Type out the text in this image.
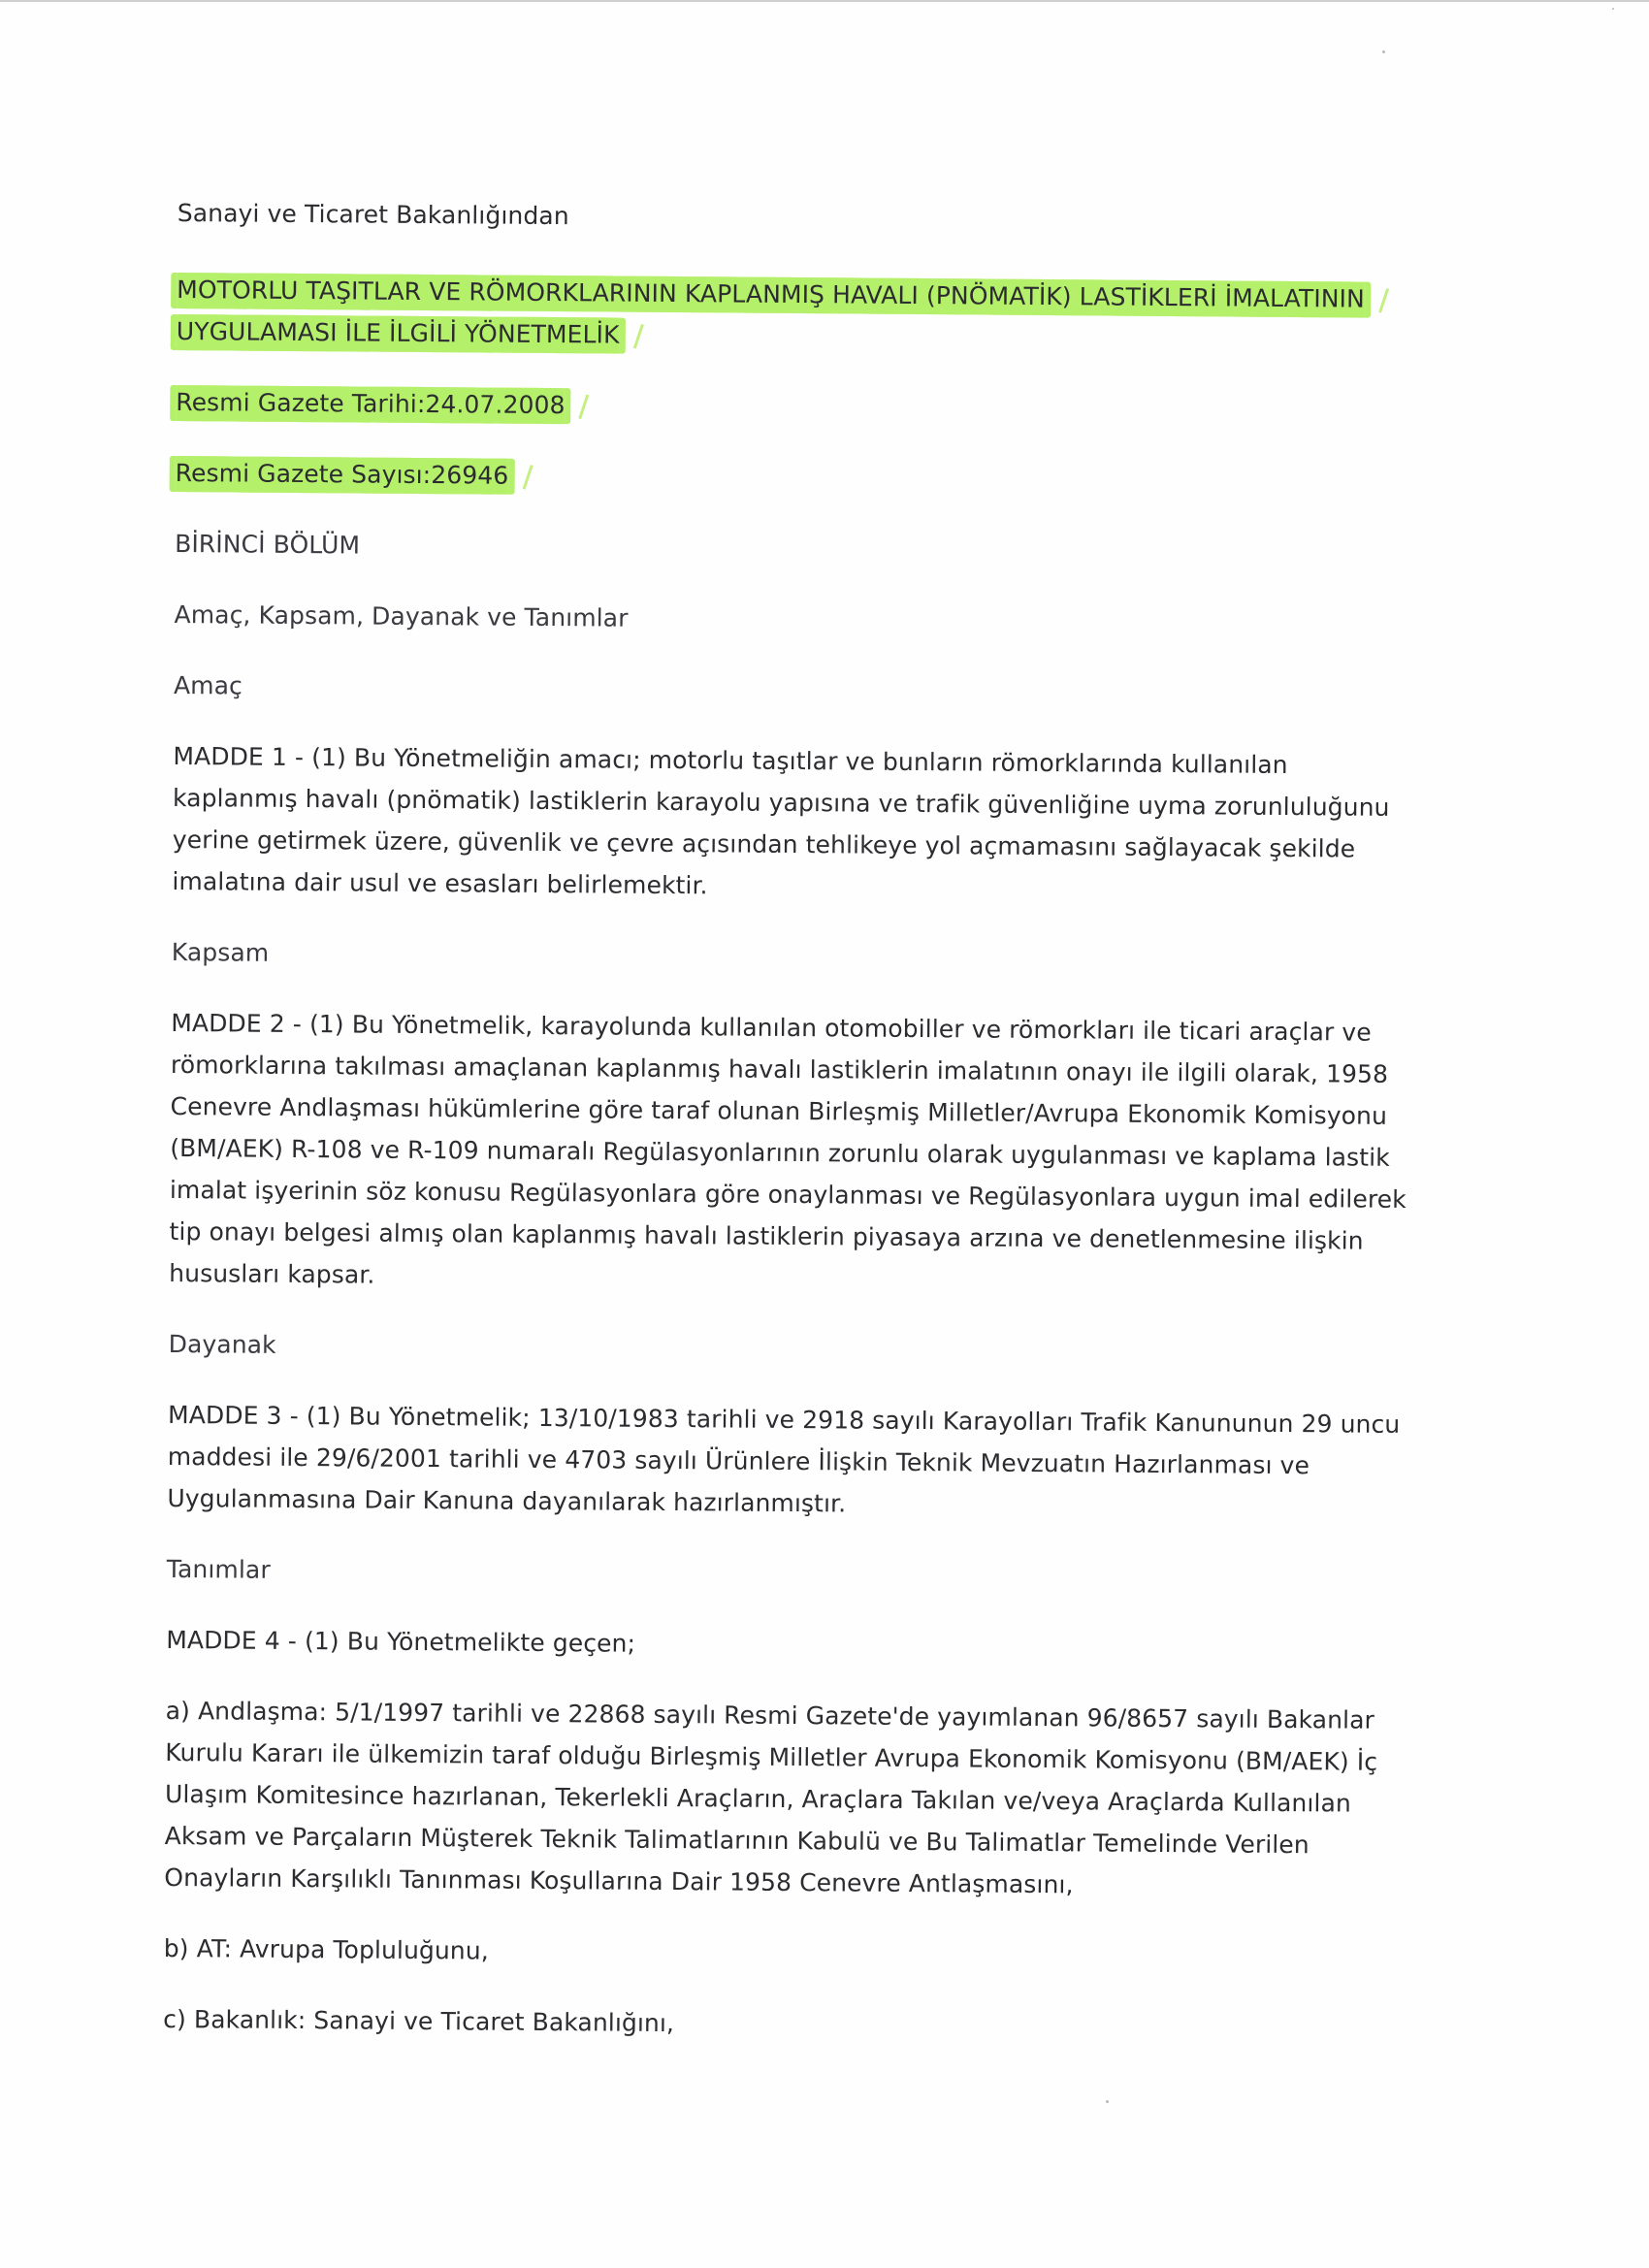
Sanayi ve Ticaret Bakanlığından
MOTORLU TAŞITLAR VE RÖMORKLARININ KAPLANMIŞ HAVALI (PNÖMATİK) LASTİKLERİ İMALATININ
UYGULAMASI İLE İLGİLİ YÖNETMELİK
Resmi Gazete Tarihi:24.07.2008
Resmi Gazete Sayısı:26946
BİRİNCİ BÖLÜM
Amaç, Kapsam, Dayanak ve Tanımlar
Amaç
MADDE 1 - (1) Bu Yönetmeliğin amacı; motorlu taşıtlar ve bunların römorklarında kullanılan
kaplanmış havalı (pnömatik) lastiklerin karayolu yapısına ve trafik güvenliğine uyma zorunluluğunu
yerine getirmek üzere, güvenlik ve çevre açısından tehlikeye yol açmamasını sağlayacak şekilde
imalatına dair usul ve esasları belirlemektir.
Kapsam
MADDE 2 - (1) Bu Yönetmelik, karayolunda kullanılan otomobiller ve römorkları ile ticari araçlar ve
römorklarına takılması amaçlanan kaplanmış havalı lastiklerin imalatının onayı ile ilgili olarak, 1958
Cenevre Andlaşması hükümlerine göre taraf olunan Birleşmiş Milletler/Avrupa Ekonomik Komisyonu
(BM/AEK) R-108 ve R-109 numaralı Regülasyonlarının zorunlu olarak uygulanması ve kaplama lastik
imalat işyerinin söz konusu Regülasyonlara göre onaylanması ve Regülasyonlara uygun imal edilerek
tip onayı belgesi almış olan kaplanmış havalı lastiklerin piyasaya arzına ve denetlenmesine ilişkin
hususları kapsar.
Dayanak
MADDE 3 - (1) Bu Yönetmelik; 13/10/1983 tarihli ve 2918 sayılı Karayolları Trafik Kanununun 29 uncu
maddesi ile 29/6/2001 tarihli ve 4703 sayılı Ürünlere İlişkin Teknik Mevzuatın Hazırlanması ve
Uygulanmasına Dair Kanuna dayanılarak hazırlanmıştır.
Tanımlar
MADDE 4 - (1) Bu Yönetmelikte geçen;
a) Andlaşma: 5/1/1997 tarihli ve 22868 sayılı Resmi Gazete'de yayımlanan 96/8657 sayılı Bakanlar
Kurulu Kararı ile ülkemizin taraf olduğu Birleşmiş Milletler Avrupa Ekonomik Komisyonu (BM/AEK) İç
Ulaşım Komitesince hazırlanan, Tekerlekli Araçların, Araçlara Takılan ve/veya Araçlarda Kullanılan
Aksam ve Parçaların Müşterek Teknik Talimatlarının Kabulü ve Bu Talimatlar Temelinde Verilen
Onayların Karşılıklı Tanınması Koşullarına Dair 1958 Cenevre Antlaşmasını,
b) AT: Avrupa Topluluğunu,
c) Bakanlık: Sanayi ve Ticaret Bakanlığını,
